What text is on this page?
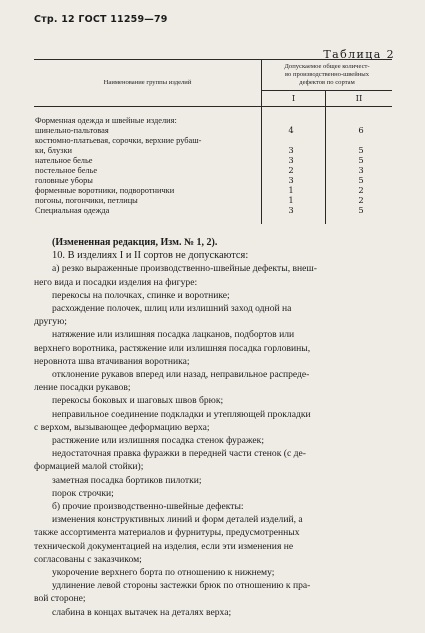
Стр. 12 ГОСТ 11259—79
Таблица 2
Наименование группы изделий
Допускаемое общее количест-
во производственно-швейных
дефектов по сортам
I	II
Форменная одежда и швейные изделия:
шинельно-пальтовая	4	6
костюмно-платьевая, сорочки, верхние рубаш-
ки, блузки	3	5
нательное белье	3	5
постельное белье	2	3
головные уборы	3	5
форменные воротники, подворотнички	1	2
погоны, погончики, петлицы	1	2
Специальная одежда	3	5

(Измененная редакция, Изм. № 1, 2).

10. В изделиях I и II сортов не допускаются:

а) резко выраженные производственно-швейные дефекты, внеш-

него вида и посадки изделия на фигуре:

перекосы на полочках, спинке и воротнике;

расхождение полочек, шлиц или излишний заход одной на

другую;

натяжение или излишняя посадка лацканов, подбортов или

верхнего воротника, растяжение или излишняя посадка горловины,

неровнота шва втачивания воротника;

отклонение рукавов вперед или назад, неправильное распреде-

ление посадки рукавов;

перекосы боковых и шаговых швов брюк;

неправильное соединение подкладки и утепляющей прокладки

с верхом, вызывающее деформацию верха;

растяжение или излишняя посадка стенок фуражек;

недостаточная правка фуражки в передней части стенок (с де-

формацией малой стойки);

заметная посадка бортиков пилотки;

порок строчки;

б) прочие производственно-швейные дефекты:

изменения конструктивных линий и форм деталей изделий, а

также ассортимента материалов и фурнитуры, предусмотренных

технической документацией на изделия, если эти изменения не

согласованы с заказчиком;

укорочение верхнего борта по отношению к нижнему;

удлинение левой стороны застежки брюк по отношению к пра-

вой стороне;

слабина в концах вытачек на деталях верха;
